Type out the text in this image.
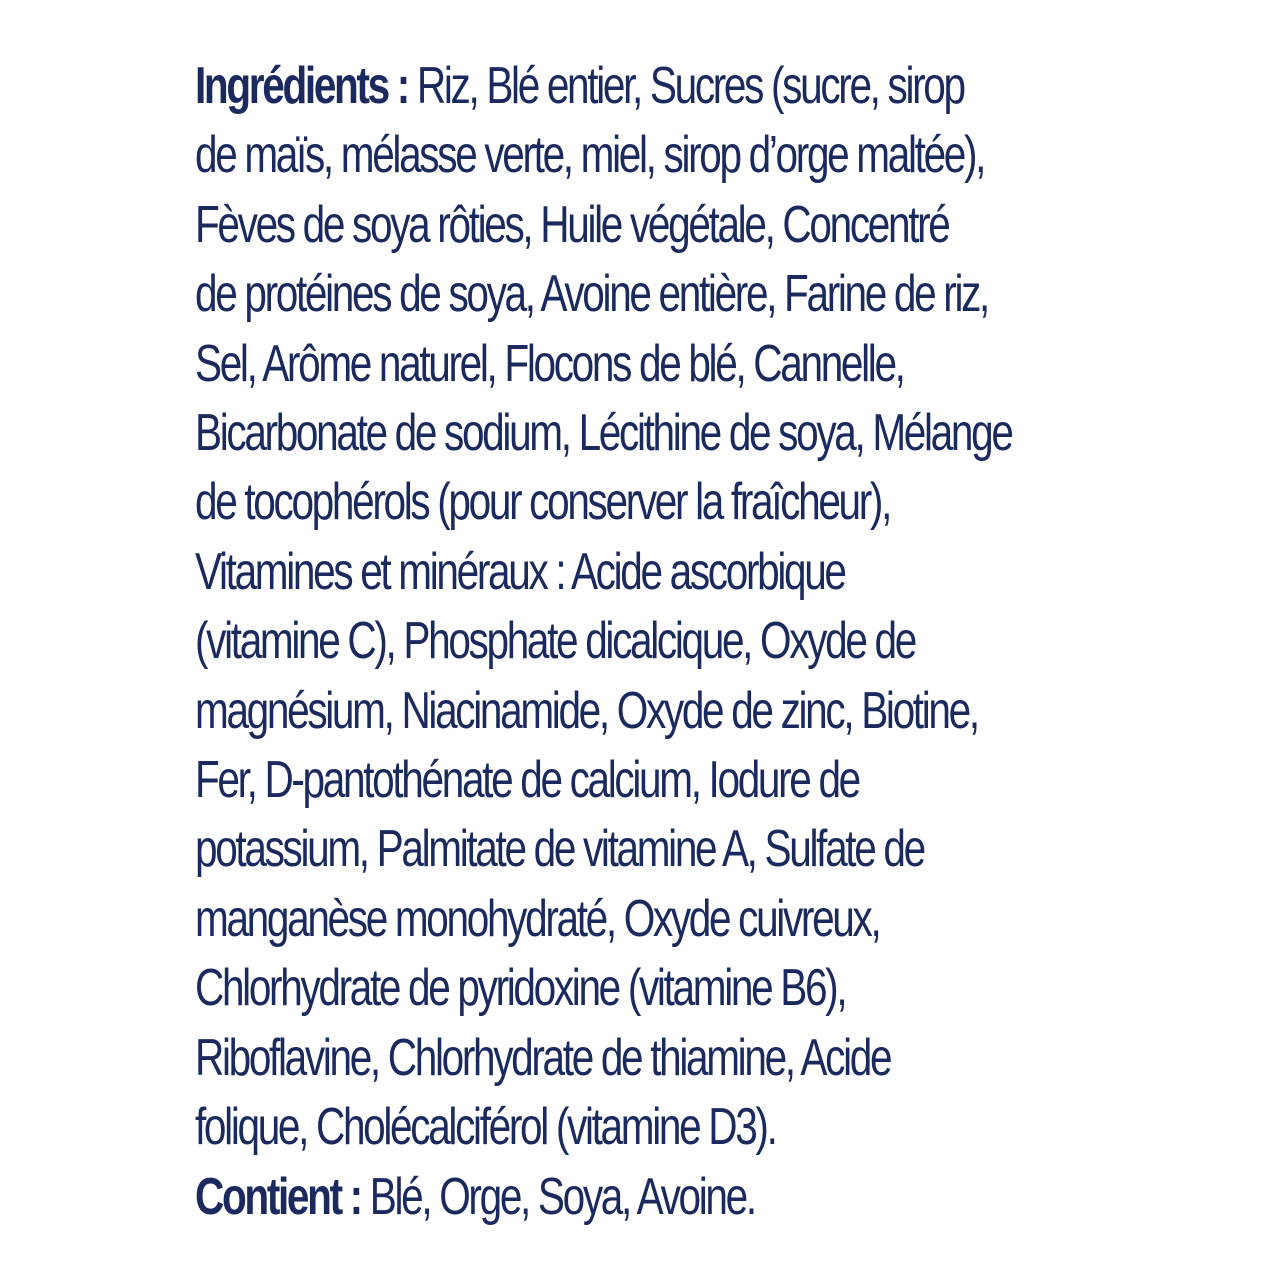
Ingrédients : Riz, Blé entier, Sucres (sucre, sirop
de maïs, mélasse verte, miel, sirop d’orge maltée),
Fèves de soya rôties, Huile végétale, Concentré
de protéines de soya, Avoine entière, Farine de riz,
Sel, Arôme naturel, Flocons de blé, Cannelle,
Bicarbonate de sodium, Lécithine de soya, Mélange
de tocophérols (pour conserver la fraîcheur),
Vitamines et minéraux : Acide ascorbique
(vitamine C), Phosphate dicalcique, Oxyde de
magnésium, Niacinamide, Oxyde de zinc, Biotine,
Fer, D-pantothénate de calcium, Iodure de
potassium, Palmitate de vitamine A, Sulfate de
manganèse monohydraté, Oxyde cuivreux,
Chlorhydrate de pyridoxine (vitamine B6),
Riboflavine, Chlorhydrate de thiamine, Acide
folique, Cholécalciférol (vitamine D3).
Contient : Blé, Orge, Soya, Avoine.
